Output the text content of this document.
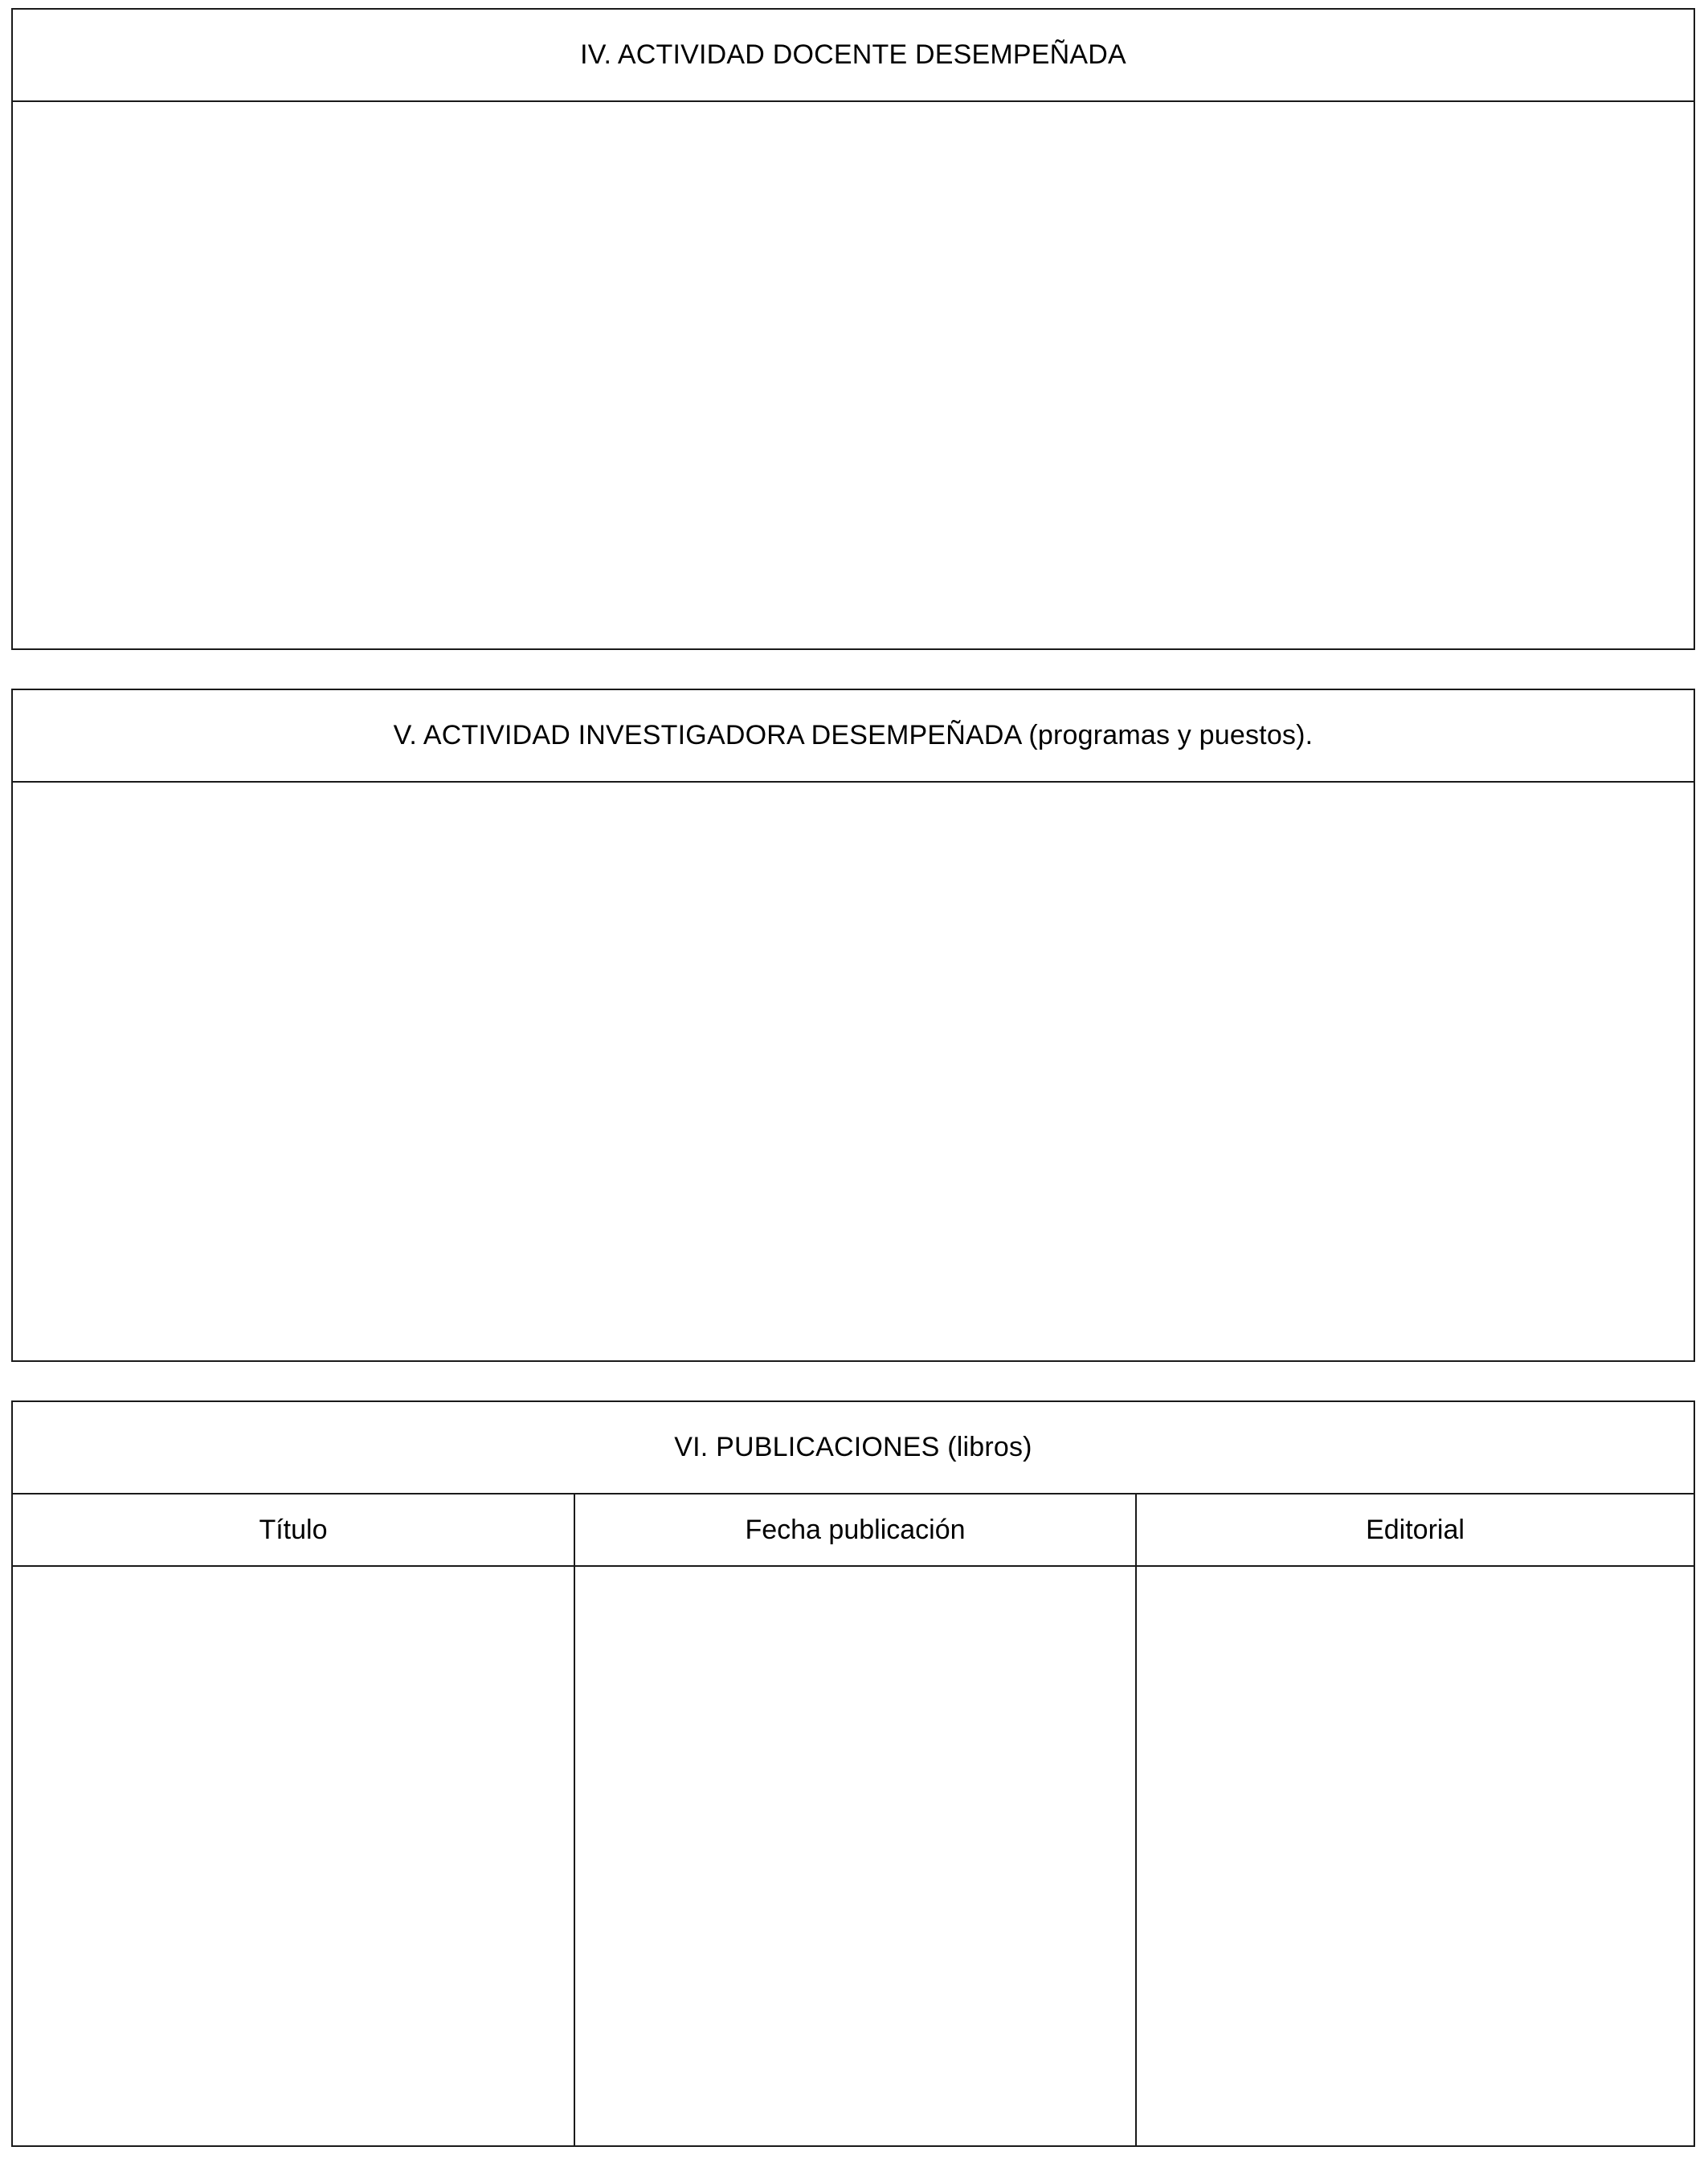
IV. ACTIVIDAD DOCENTE DESEMPEÑADA
V. ACTIVIDAD INVESTIGADORA DESEMPEÑADA (programas y puestos).
VI. PUBLICACIONES (libros)
Título	Fecha publicación	Editorial
